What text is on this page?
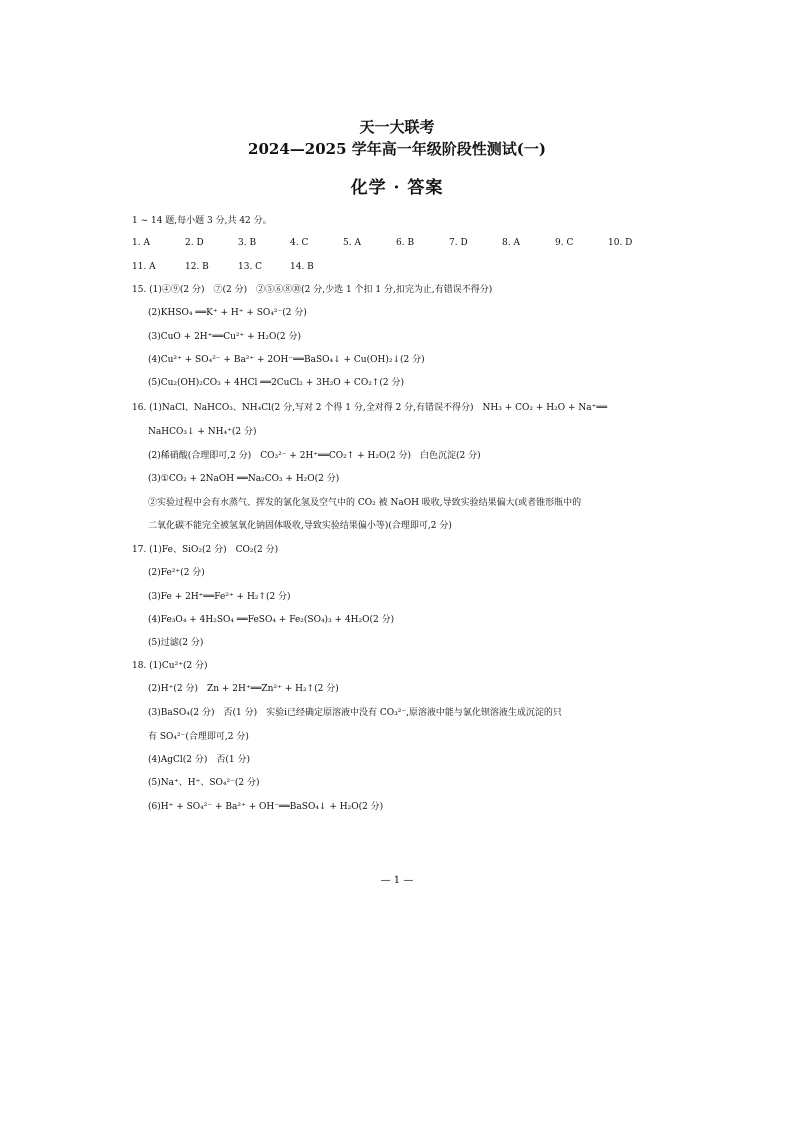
天一大联考
2024—2025 学年高一年级阶段性测试(一)
化学 · 答案
1 ~ 14 题,每小题 3 分,共 42 分。
1. A	2. D	3. B	4. C	5. A	6. B	7. D	8. A	9. C	10. D
11. A	12. B	13. C	14. B
15. (1)④⑨(2 分)　⑦(2 分)　②⑤⑥⑧⑩(2 分,少选 1 个扣 1 分,扣完为止,有错误不得分)
(2)KHSO₄ ══K⁺ + H⁺ + SO₄²⁻(2 分)
(3)CuO + 2H⁺══Cu²⁺ + H₂O(2 分)
(4)Cu²⁺ + SO₄²⁻ + Ba²⁺ + 2OH⁻══BaSO₄↓ + Cu(OH)₂↓(2 分)
(5)Cu₂(OH)₂CO₃ + 4HCl ══2CuCl₂ + 3H₂O + CO₂↑(2 分)
16. (1)NaCl、NaHCO₃、NH₄Cl(2 分,写对 2 个得 1 分,全对得 2 分,有错误不得分)　NH₃ + CO₂ + H₂O + Na⁺══
NaHCO₃↓ + NH₄⁺(2 分)
(2)稀硝酸(合理即可,2 分)　CO₃²⁻ + 2H⁺══CO₂↑ + H₂O(2 分)　白色沉淀(2 分)
(3)①CO₂ + 2NaOH ══Na₂CO₃ + H₂O(2 分)
②实验过程中会有水蒸气、挥发的氯化氢及空气中的 CO₂ 被 NaOH 吸收,导致实验结果偏大(或者锥形瓶中的
二氧化碳不能完全被氢氧化钠固体吸收,导致实验结果偏小等)(合理即可,2 分)
17. (1)Fe、SiO₂(2 分)　CO₂(2 分)
(2)Fe²⁺(2 分)
(3)Fe + 2H⁺══Fe²⁺ + H₂↑(2 分)
(4)Fe₃O₄ + 4H₂SO₄ ══FeSO₄ + Fe₂(SO₄)₃ + 4H₂O(2 分)
(5)过滤(2 分)
18. (1)Cu²⁺(2 分)
(2)H⁺(2 分)　Zn + 2H⁺══Zn²⁺ + H₂↑(2 分)
(3)BaSO₄(2 分)　否(1 分)　实验ⅰ已经确定原溶液中没有 CO₃²⁻,原溶液中能与氯化钡溶液生成沉淀的只
有 SO₄²⁻(合理即可,2 分)
(4)AgCl(2 分)　否(1 分)
(5)Na⁺、H⁺、SO₄²⁻(2 分)
(6)H⁺ + SO₄²⁻ + Ba²⁺ + OH⁻══BaSO₄↓ + H₂O(2 分)
— 1 —
